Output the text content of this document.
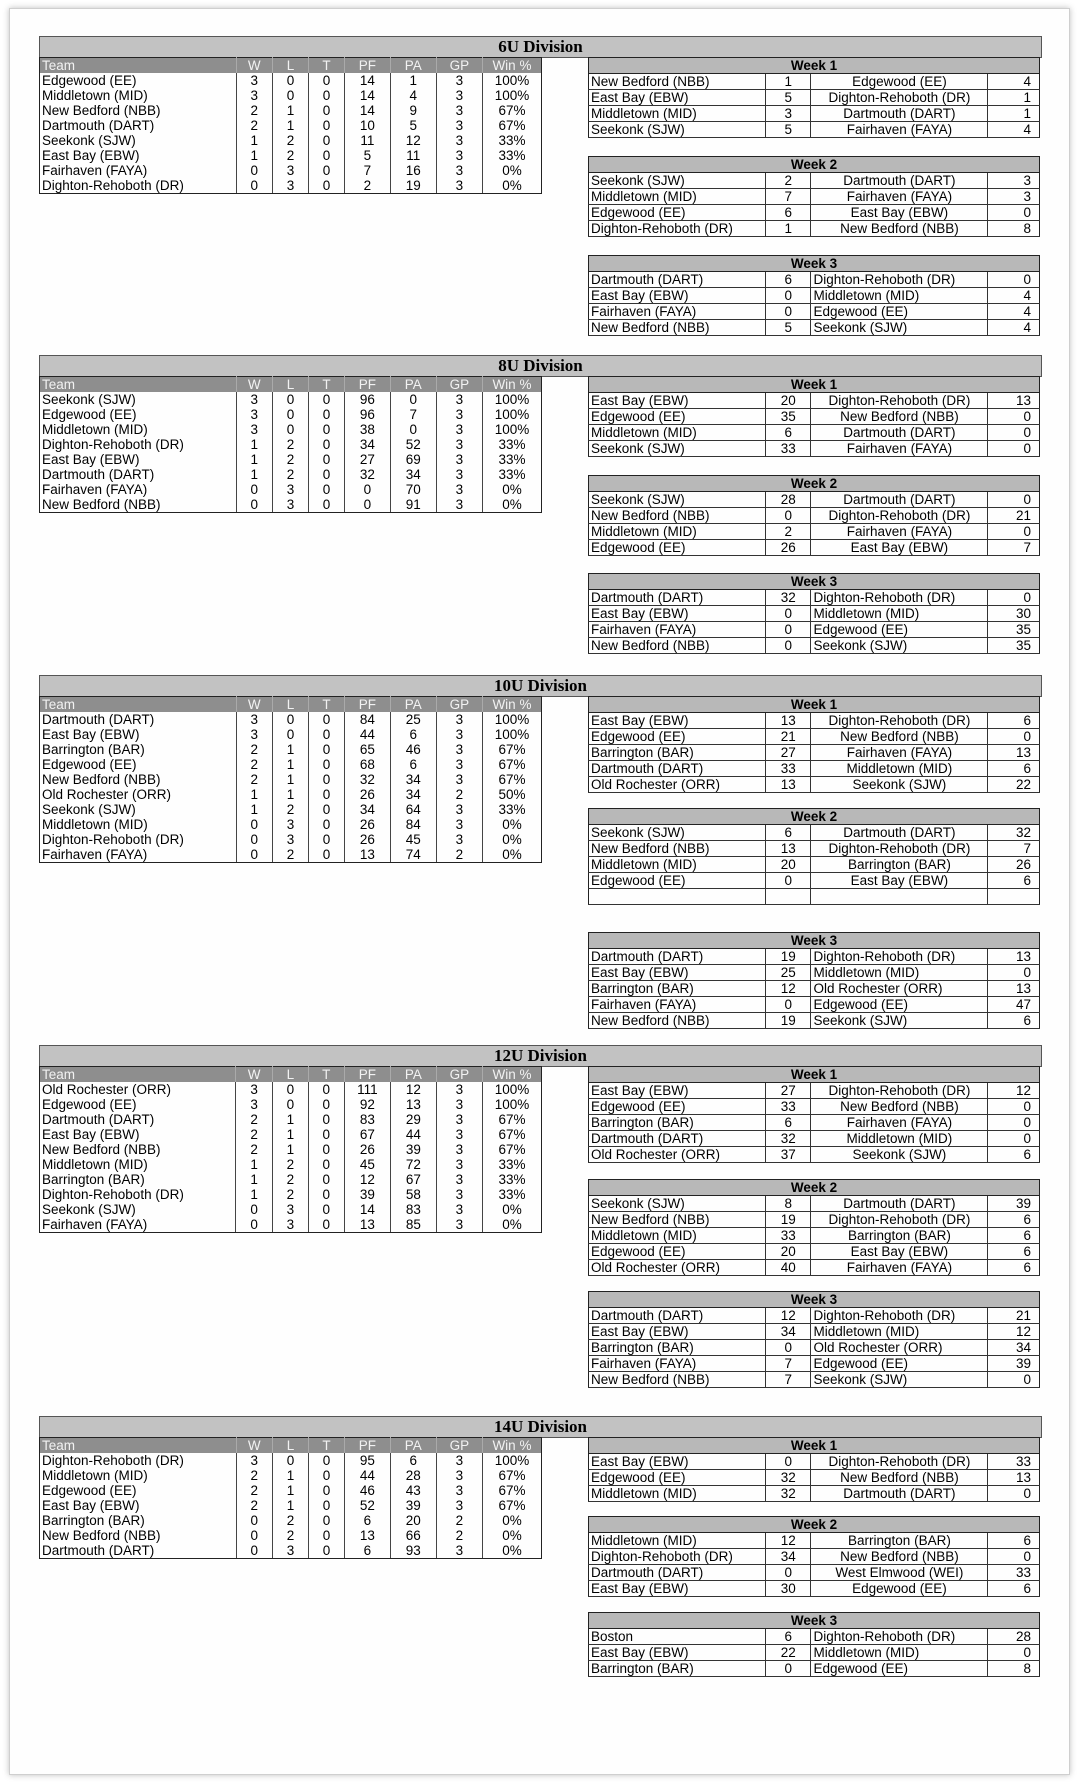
6U Division
Team	W	L	T	PF	PA	GP	Win %
Edgewood (EE)	3	0	0	14	1	3	100%
Middletown (MID)	3	0	0	14	4	3	100%
New Bedford (NBB)	2	1	0	14	9	3	67%
Dartmouth (DART)	2	1	0	10	5	3	67%
Seekonk (SJW)	1	2	0	11	12	3	33%
East Bay (EBW)	1	2	0	5	11	3	33%
Fairhaven (FAYA)	0	3	0	7	16	3	0%
Dighton-Rehoboth (DR)	0	3	0	2	19	3	0%
Week 1			
New Bedford (NBB)	1	Edgewood (EE)	4
East Bay (EBW)	5	Dighton-Rehoboth (DR)	1
Middletown (MID)	3	Dartmouth (DART)	1
Seekonk (SJW)	5	Fairhaven (FAYA)	4
Week 2			
Seekonk (SJW)	2	Dartmouth (DART)	3
Middletown (MID)	7	Fairhaven (FAYA)	3
Edgewood (EE)	6	East Bay (EBW)	0
Dighton-Rehoboth (DR)	1	New Bedford (NBB)	8
Week 3			
Dartmouth (DART)	6	Dighton-Rehoboth (DR)	0
East Bay (EBW)	0	Middletown (MID)	4
Fairhaven (FAYA)	0	Edgewood (EE)	4
New Bedford (NBB)	5	Seekonk (SJW)	4
8U Division
Team	W	L	T	PF	PA	GP	Win %
Seekonk (SJW)	3	0	0	96	0	3	100%
Edgewood (EE)	3	0	0	96	7	3	100%
Middletown (MID)	3	0	0	38	0	3	100%
Dighton-Rehoboth (DR)	1	2	0	34	52	3	33%
East Bay (EBW)	1	2	0	27	69	3	33%
Dartmouth (DART)	1	2	0	32	34	3	33%
Fairhaven (FAYA)	0	3	0	0	70	3	0%
New Bedford (NBB)	0	3	0	0	91	3	0%
Week 1			
East Bay (EBW)	20	Dighton-Rehoboth (DR)	13
Edgewood (EE)	35	New Bedford (NBB)	0
Middletown (MID)	6	Dartmouth (DART)	0
Seekonk (SJW)	33	Fairhaven (FAYA)	0
Week 2			
Seekonk (SJW)	28	Dartmouth (DART)	0
New Bedford (NBB)	0	Dighton-Rehoboth (DR)	21
Middletown (MID)	2	Fairhaven (FAYA)	0
Edgewood (EE)	26	East Bay (EBW)	7
Week 3			
Dartmouth (DART)	32	Dighton-Rehoboth (DR)	0
East Bay (EBW)	0	Middletown (MID)	30
Fairhaven (FAYA)	0	Edgewood (EE)	35
New Bedford (NBB)	0	Seekonk (SJW)	35
10U Division
Team	W	L	T	PF	PA	GP	Win %
Dartmouth (DART)	3	0	0	84	25	3	100%
East Bay (EBW)	3	0	0	44	6	3	100%
Barrington (BAR)	2	1	0	65	46	3	67%
Edgewood (EE)	2	1	0	68	6	3	67%
New Bedford (NBB)	2	1	0	32	34	3	67%
Old Rochester (ORR)	1	1	0	26	34	2	50%
Seekonk (SJW)	1	2	0	34	64	3	33%
Middletown (MID)	0	3	0	26	84	3	0%
Dighton-Rehoboth (DR)	0	3	0	26	45	3	0%
Fairhaven (FAYA)	0	2	0	13	74	2	0%
Week 1			
East Bay (EBW)	13	Dighton-Rehoboth (DR)	6
Edgewood (EE)	21	New Bedford (NBB)	0
Barrington (BAR)	27	Fairhaven (FAYA)	13
Dartmouth (DART)	33	Middletown (MID)	6
Old Rochester (ORR)	13	Seekonk (SJW)	22
Week 2			
Seekonk (SJW)	6	Dartmouth (DART)	32
New Bedford (NBB)	13	Dighton-Rehoboth (DR)	7
Middletown (MID)	20	Barrington (BAR)	26
Edgewood (EE)	0	East Bay (EBW)	6

Week 3			
Dartmouth (DART)	19	Dighton-Rehoboth (DR)	13
East Bay (EBW)	25	Middletown (MID)	0
Barrington (BAR)	12	Old Rochester (ORR)	13
Fairhaven (FAYA)	0	Edgewood (EE)	47
New Bedford (NBB)	19	Seekonk (SJW)	6
12U Division
Team	W	L	T	PF	PA	GP	Win %
Old Rochester (ORR)	3	0	0	111	12	3	100%
Edgewood (EE)	3	0	0	92	13	3	100%
Dartmouth (DART)	2	1	0	83	29	3	67%
East Bay (EBW)	2	1	0	67	44	3	67%
New Bedford (NBB)	2	1	0	26	39	3	67%
Middletown (MID)	1	2	0	45	72	3	33%
Barrington (BAR)	1	2	0	12	67	3	33%
Dighton-Rehoboth (DR)	1	2	0	39	58	3	33%
Seekonk (SJW)	0	3	0	14	83	3	0%
Fairhaven (FAYA)	0	3	0	13	85	3	0%
Week 1			
East Bay (EBW)	27	Dighton-Rehoboth (DR)	12
Edgewood (EE)	33	New Bedford (NBB)	0
Barrington (BAR)	6	Fairhaven (FAYA)	0
Dartmouth (DART)	32	Middletown (MID)	0
Old Rochester (ORR)	37	Seekonk (SJW)	6
Week 2			
Seekonk (SJW)	8	Dartmouth (DART)	39
New Bedford (NBB)	19	Dighton-Rehoboth (DR)	6
Middletown (MID)	33	Barrington (BAR)	6
Edgewood (EE)	20	East Bay (EBW)	6
Old Rochester (ORR)	40	Fairhaven (FAYA)	6
Week 3			
Dartmouth (DART)	12	Dighton-Rehoboth (DR)	21
East Bay (EBW)	34	Middletown (MID)	12
Barrington (BAR)	0	Old Rochester (ORR)	34
Fairhaven (FAYA)	7	Edgewood (EE)	39
New Bedford (NBB)	7	Seekonk (SJW)	0
14U Division
Team	W	L	T	PF	PA	GP	Win %
Dighton-Rehoboth (DR)	3	0	0	95	6	3	100%
Middletown (MID)	2	1	0	44	28	3	67%
Edgewood (EE)	2	1	0	46	43	3	67%
East Bay (EBW)	2	1	0	52	39	3	67%
Barrington (BAR)	0	2	0	6	20	2	0%
New Bedford (NBB)	0	2	0	13	66	2	0%
Dartmouth (DART)	0	3	0	6	93	3	0%
Week 1			
East Bay (EBW)	0	Dighton-Rehoboth (DR)	33
Edgewood (EE)	32	New Bedford (NBB)	13
Middletown (MID)	32	Dartmouth (DART)	0
Week 2			
Middletown (MID)	12	Barrington (BAR)	6
Dighton-Rehoboth (DR)	34	New Bedford (NBB)	0
Dartmouth (DART)	0	West Elmwood (WEI)	33
East Bay (EBW)	30	Edgewood (EE)	6
Week 3			
Boston	6	Dighton-Rehoboth (DR)	28
East Bay (EBW)	22	Middletown (MID)	0
Barrington (BAR)	0	Edgewood (EE)	8
